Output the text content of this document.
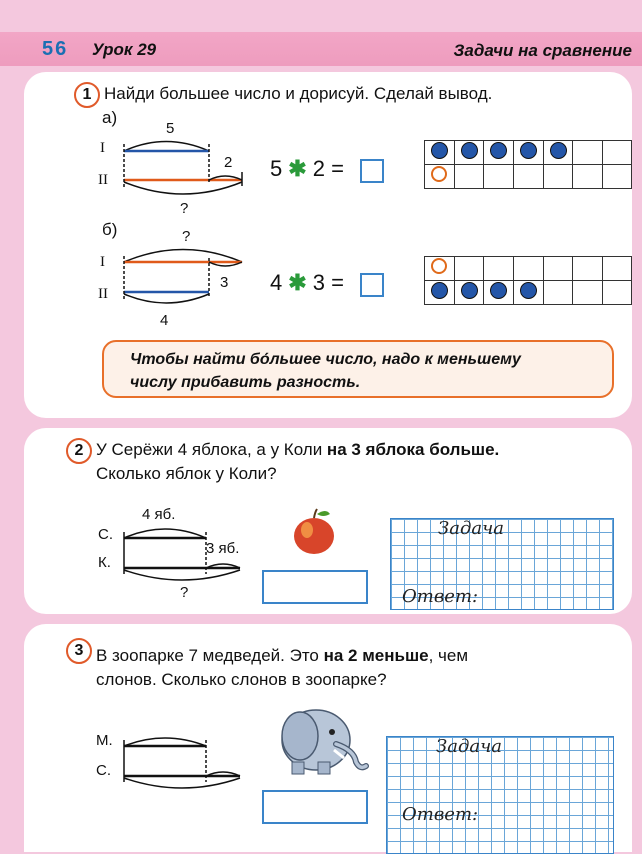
56 Урок 29	Задачи на сравнение
1 Найди большее число и дорисуй. Сделай вывод.
а)
I
II
5
2
?
5 ✱ 2 =

б)
I
II
?
3
4
4 ✱ 3 =

Чтобы найти бо́льшее число, надо к меньшему
числу прибавить разность.
2 У Серёжи 4 яблока, а у Коли на 3 яблока больше.
Сколько яблок у Коли?
4 яб.
С.
К.
3 яб.
?
Задача
Ответ:
3 В зоопарке 7 медведей. Это на 2 меньше, чем
слонов. Сколько слонов в зоопарке?
М.
С.
Задача
Ответ:
